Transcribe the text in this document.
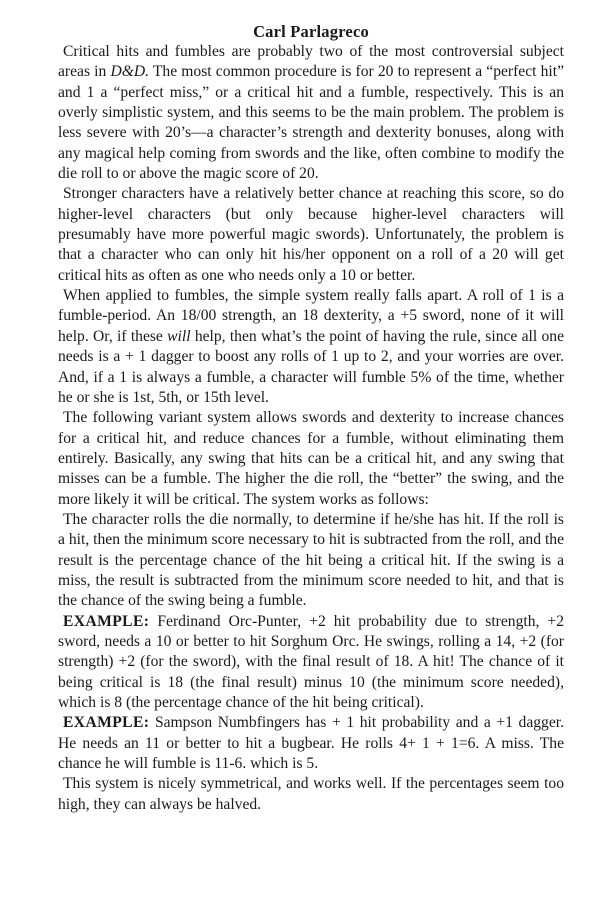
Carl Parlagreco

Critical hits and fumbles are probably two of the most controversial subject areas in D&D. The most common procedure is for 20 to represent a “perfect hit” and 1 a “perfect miss,” or a critical hit and a fumble, respectively. This is an overly simplistic system, and this seems to be the main problem. The problem is less severe with 20’s—a character’s strength and dexterity bonuses, along with any magical help coming from swords and the like, often combine to modify the die roll to or above the magic score of 20.

Stronger characters have a relatively better chance at reaching this score, so do higher-level characters (but only because higher-level characters will presumably have more powerful magic swords). Unfortunately, the problem is that a character who can only hit his/her opponent on a roll of a 20 will get critical hits as often as one who needs only a 10 or better.

When applied to fumbles, the simple system really falls apart. A roll of 1 is a fumble-period. An 18/00 strength, an 18 dexterity, a +5 sword, none of it will help. Or, if these will help, then what’s the point of having the rule, since all one needs is a + 1 dagger to boost any rolls of 1 up to 2, and your worries are over. And, if a 1 is always a fumble, a character will fumble 5% of the time, whether he or she is 1st, 5th, or 15th level.

The following variant system allows swords and dexterity to increase chances for a critical hit, and reduce chances for a fumble, without eliminating them entirely. Basically, any swing that hits can be a critical hit, and any swing that misses can be a fumble. The higher the die roll, the “better” the swing, and the more likely it will be critical. The system works as follows:

The character rolls the die normally, to determine if he/she has hit. If the roll is a hit, then the minimum score necessary to hit is subtracted from the roll, and the result is the percentage chance of the hit being a critical hit. If the swing is a miss, the result is subtracted from the minimum score needed to hit, and that is the chance of the swing being a fumble.

EXAMPLE: Ferdinand Orc-Punter, +2 hit probability due to strength, +2 sword, needs a 10 or better to hit Sorghum Orc. He swings, rolling a 14, +2 (for strength) +2 (for the sword), with the final result of 18. A hit! The chance of it being critical is 18 (the final result) minus 10 (the minimum score needed), which is 8 (the percentage chance of the hit being critical).

EXAMPLE: Sampson Numbfingers has + 1 hit probability and a +1 dagger. He needs an 11 or better to hit a bugbear. He rolls 4+ 1 + 1=6. A miss. The chance he will fumble is 11-6. which is 5.

This system is nicely symmetrical, and works well. If the percentages seem too high, they can always be halved.
